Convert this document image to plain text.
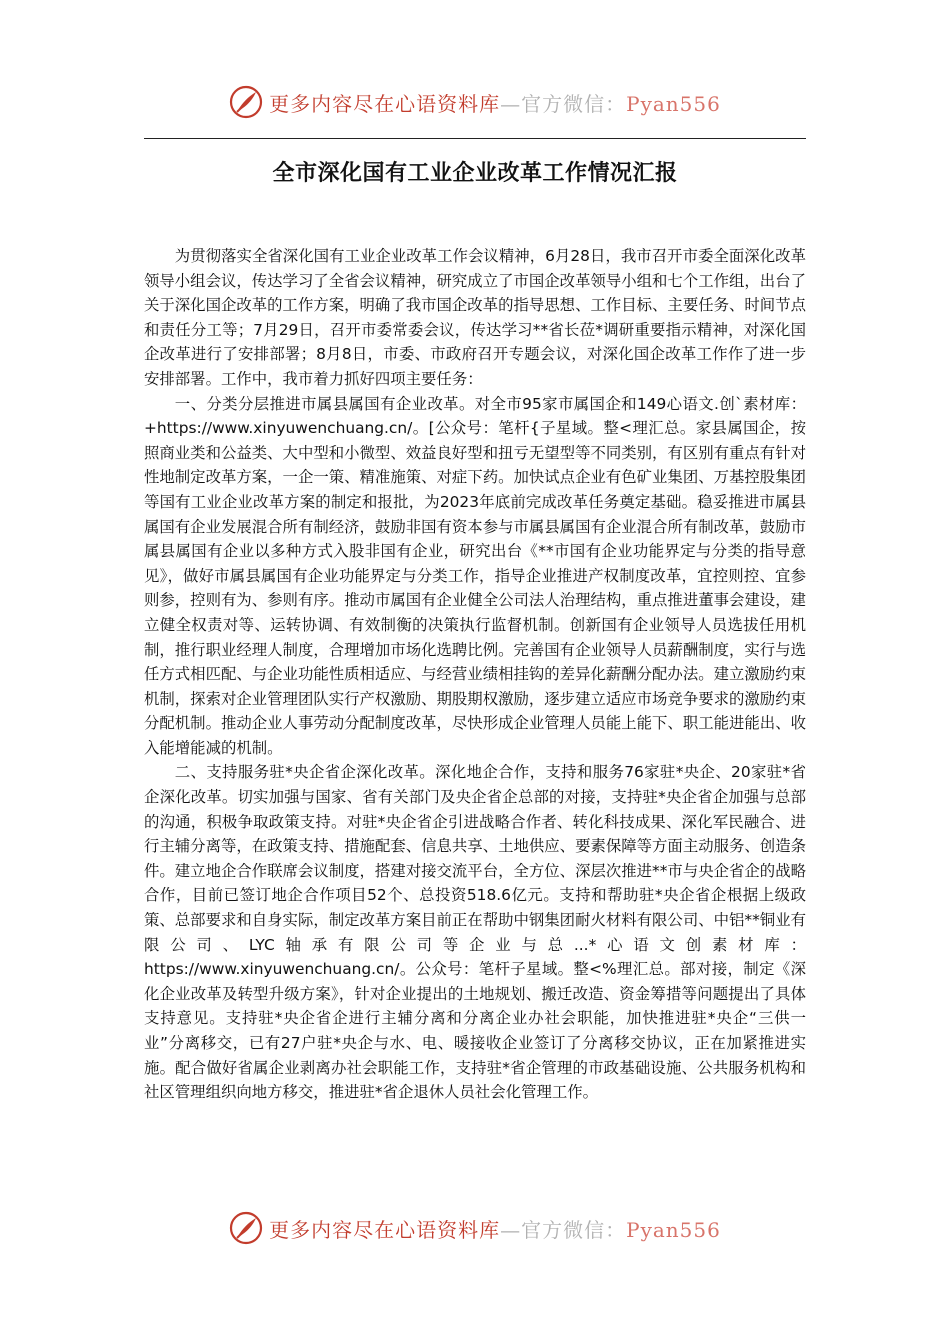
更多内容尽在心语资料库—官方微信：Pyan556
全市深化国有工业企业改革工作情况汇报

为贯彻落实全省深化国有工业企业改革工作会议精神，6月28日，我市召开市委全面深化改革领导小组会议，传达学习了全省会议精神，研究成立了市国企改革领导小组和七个工作组，出台了关于深化国企改革的工作方案，明确了我市国企改革的指导思想、工作目标、主要任务、时间节点和责任分工等；7月29日，召开市委常委会议，传达学习**省长莅*调研重要指示精神，对深化国企改革进行了安排部署；8月8日，市委、市政府召开专题会议，对深化国企改革工作作了进一步安排部署。工作中，我市着力抓好四项主要任务：

一、分类分层推进市属县属国有企业改革。对全市95家市属国企和149心语文.创`素材库：+https://www.xinyuwenchuang.cn/。[公众号：笔杆{子星域。整<理汇总。家县属国企，按照商业类和公益类、大中型和小微型、效益良好型和扭亏无望型等不同类别，有区别有重点有针对性地制定改革方案，一企一策、精准施策、对症下药。加快试点企业有色矿业集团、万基控股集团等国有工业企业改革方案的制定和报批，为2023年底前完成改革任务奠定基础。稳妥推进市属县属国有企业发展混合所有制经济，鼓励非国有资本参与市属县属国有企业混合所有制改革，鼓励市属县属国有企业以多种方式入股非国有企业，研究出台《**市国有企业功能界定与分类的指导意见》，做好市属县属国有企业功能界定与分类工作，指导企业推进产权制度改革，宜控则控、宜参则参，控则有为、参则有序。推动市属国有企业健全公司法人治理结构，重点推进董事会建设，建立健全权责对等、运转协调、有效制衡的决策执行监督机制。创新国有企业领导人员选拔任用机制，推行职业经理人制度，合理增加市场化选聘比例。完善国有企业领导人员薪酬制度，实行与选任方式相匹配、与企业功能性质相适应、与经营业绩相挂钩的差异化薪酬分配办法。建立激励约束机制，探索对企业管理团队实行产权激励、期股期权激励，逐步建立适应市场竞争要求的激励约束分配机制。推动企业人事劳动分配制度改革，尽快形成企业管理人员能上能下、职工能进能出、收入能增能减的机制。

二、支持服务驻*央企省企深化改革。深化地企合作，支持和服务76家驻*央企、20家驻*省企深化改革。切实加强与国家、省有关部门及央企省企总部的对接，支持驻*央企省企加强与总部的沟通，积极争取政策支持。对驻*央企省企引进战略合作者、转化科技成果、深化军民融合、进行主辅分离等，在政策支持、措施配套、信息共享、土地供应、要素保障等方面主动服务、创造条件。建立地企合作联席会议制度，搭建对接交流平台，全方位、深层次推进**市与央企省企的战略合作，目前已签订地企合作项目52个、总投资518.6亿元。支持和帮助驻*央企省企根据上级政策、总部要求和自身实际，制定改革方案目前正在帮助中钢集团耐火材料有限公司、中铝**铜业有限公司、LYC轴承有限公司等企业与总...*心语文创素材库：https://www.xinyuwenchuang.cn/。公众号：笔杆子星域。整<%理汇总。部对接，制定《深化企业改革及转型升级方案》，针对企业提出的土地规划、搬迁改造、资金筹措等问题提出了具体支持意见。支持驻*央企省企进行主辅分离和分离企业办社会职能，加快推进驻*央企“三供一业”分离移交，已有27户驻*央企与水、电、暖接收企业签订了分离移交协议，正在加紧推进实施。配合做好省属企业剥离办社会职能工作，支持驻*省企管理的市政基础设施、公共服务机构和社区管理组织向地方移交，推进驻*省企退休人员社会化管理工作。

更多内容尽在心语资料库—官方微信：Pyan556
